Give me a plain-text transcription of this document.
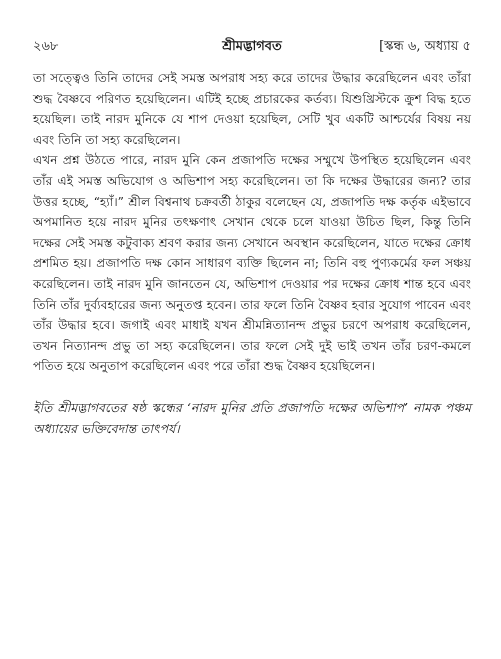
২৬৮	শ্রীমদ্ভাগবত	[স্কন্ধ ৬, অধ্যায় ৫

তা সত্ত্বেও তিনি তাদের সেই সমস্ত অপরাধ সহ্য করে তাদের উদ্ধার করেছিলেন এবং তাঁরা শুদ্ধ বৈষ্ণবে পরিণত হয়েছিলেন। এটিই হচ্ছে প্রচারকের কর্তব্য। যিশুখ্রিস্টকে ক্রুশ বিদ্ধ হতে হয়েছিল। তাই নারদ মুনিকে যে শাপ দেওয়া হয়েছিল, সেটি খুব একটি আশ্চর্যের বিষয় নয় এবং তিনি তা সহ্য করেছিলেন।

এখন প্রশ্ন উঠতে পারে, নারদ মুনি কেন প্রজাপতি দক্ষের সম্মুখে উপস্থিত হয়েছিলেন এবং তাঁর এই সমস্ত অভিযোগ ও অভিশাপ সহ্য করেছিলেন। তা কি দক্ষের উদ্ধারের জন্য? তার উত্তর হচ্ছে, “হ্যাঁ।” শ্রীল বিশ্বনাথ চক্রবর্তী ঠাকুর বলেছেন যে, প্রজাপতি দক্ষ কর্তৃক এইভাবে অপমানিত হয়ে নারদ মুনির তৎক্ষণাৎ সেখান থেকে চলে যাওয়া উচিত ছিল, কিন্তু তিনি দক্ষের সেই সমস্ত কটুবাক্য শ্রবণ করার জন্য সেখানে অবস্থান করেছিলেন, যাতে দক্ষের ক্রোধ প্রশমিত হয়। প্রজাপতি দক্ষ কোন সাধারণ ব্যক্তি ছিলেন না; তিনি বহু পুণ্যকর্মের ফল সঞ্চয় করেছিলেন। তাই নারদ মুনি জানতেন যে, অভিশাপ দেওয়ার পর দক্ষের ক্রোধ শান্ত হবে এবং তিনি তাঁর দুর্ব্যবহারের জন্য অনুতপ্ত হবেন। তার ফলে তিনি বৈষ্ণব হবার সুযোগ পাবেন এবং তাঁর উদ্ধার হবে। জগাই এবং মাধাই যখন শ্রীমন্নিত্যানন্দ প্রভুর চরণে অপরাধ করেছিলেন, তখন নিত্যানন্দ প্রভু তা সহ্য করেছিলেন। তার ফলে সেই দুই ভাই তখন তাঁর চরণ-কমলে পতিত হয়ে অনুতাপ করেছিলেন এবং পরে তাঁরা শুদ্ধ বৈষ্ণব হয়েছিলেন।

ইতি শ্রীমদ্ভাগবতের ষষ্ঠ স্কন্ধের ‘নারদ মুনির প্রতি প্রজাপতি দক্ষের অভিশাপ’ নামক পঞ্চম অধ্যায়ের ভক্তিবেদান্ত তাৎপর্য।
